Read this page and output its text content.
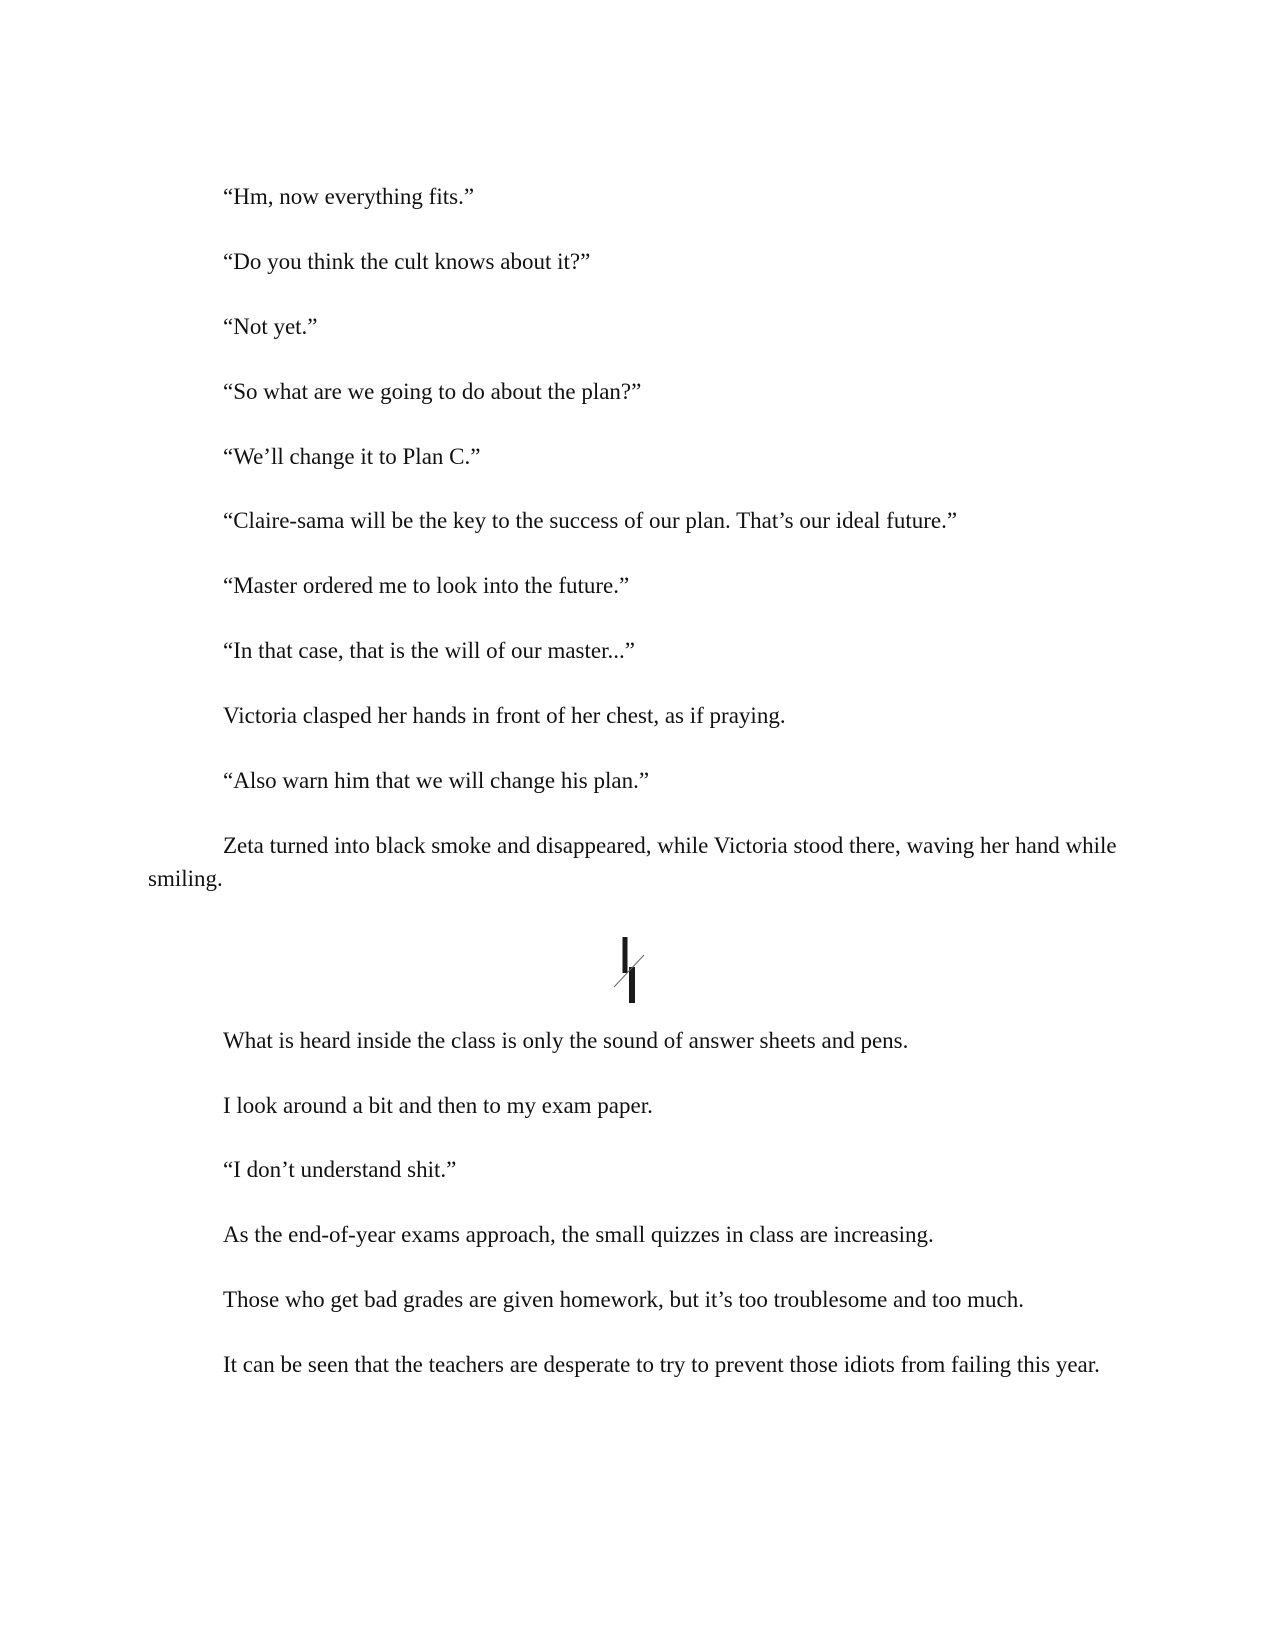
“Hm, now everything fits.”

“Do you think the cult knows about it?”

“Not yet.”

“So what are we going to do about the plan?”

“We’ll change it to Plan C.”

“Claire-sama will be the key to the success of our plan. That’s our ideal future.”

“Master ordered me to look into the future.”

“In that case, that is the will of our master...”

Victoria clasped her hands in front of her chest, as if praying.

“Also warn him that we will change his plan.”

Zeta turned into black smoke and disappeared, while Victoria stood there, waving her hand while smiling.

What is heard inside the class is only the sound of answer sheets and pens.

I look around a bit and then to my exam paper.

“I don’t understand shit.”

As the end-of-year exams approach, the small quizzes in class are increasing.

Those who get bad grades are given homework, but it’s too troublesome and too much.

It can be seen that the teachers are desperate to try to prevent those idiots from failing this year.
